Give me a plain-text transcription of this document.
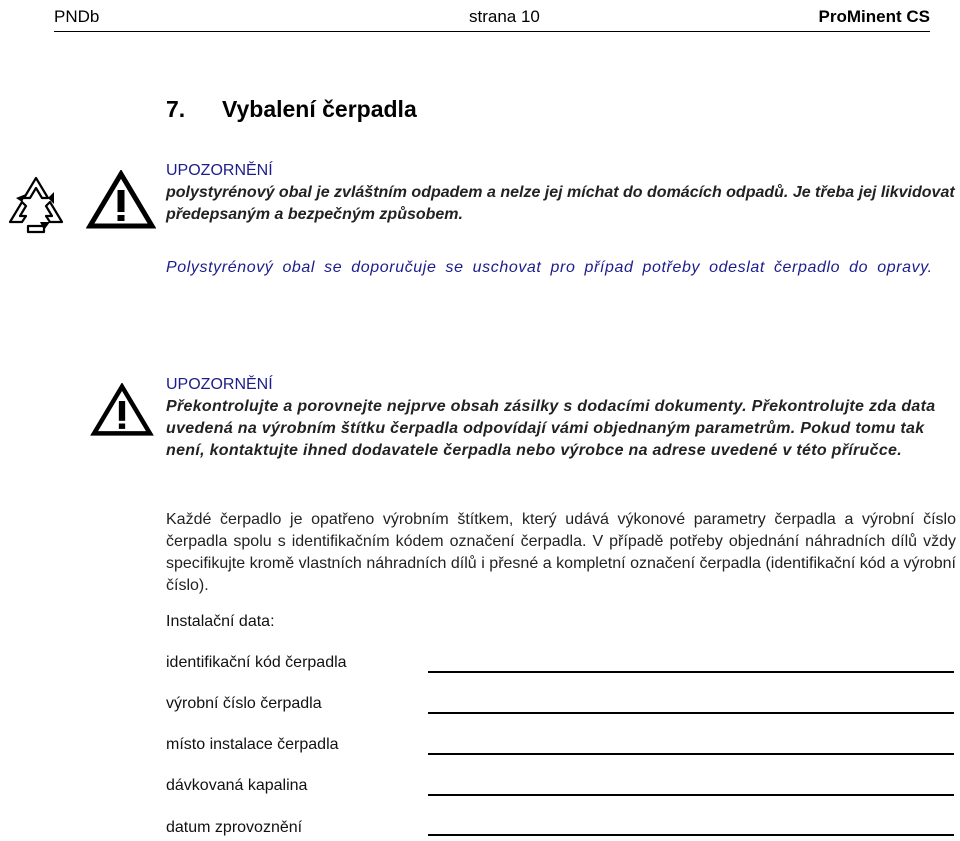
PNDb	strana 10	ProMinent CS
7. Vybalení čerpadla
UPOZORNĚNÍ
polystyrénový obal je zvláštním odpadem a nelze jej míchat do domácích odpadů. Je třeba jej likvidovat předepsaným a bezpečným způsobem.
Polystyrénový obal se doporučuje se uschovat pro případ potřeby odeslat čerpadlo do opravy.
UPOZORNĚNÍ
Překontrolujte a porovnejte nejprve obsah zásilky s dodacími dokumenty. Překontrolujte zda data uvedená na výrobním štítku čerpadla odpovídají vámi objednaným parametrům. Pokud tomu tak není, kontaktujte ihned dodavatele čerpadla nebo výrobce na adrese uvedené v této příručce.
Každé čerpadlo je opatřeno výrobním štítkem, který udává výkonové parametry čerpadla a výrobní číslo čerpadla spolu s identifikačním kódem označení čerpadla. V případě potřeby objednání náhradních dílů vždy specifikujte kromě vlastních náhradních dílů i přesné a kompletní označení čerpadla (identifikační kód a výrobní číslo).
Instalační data:
identifikační kód čerpadla
výrobní číslo čerpadla
místo instalace čerpadla
dávkovaná kapalina
datum zprovoznění
